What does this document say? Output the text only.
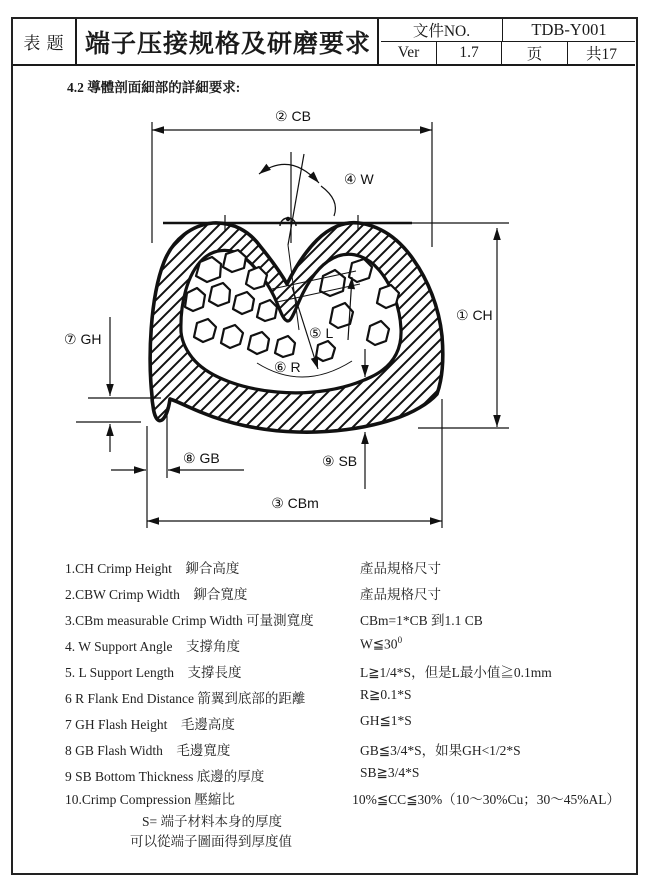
表 题 端子压接规格及研磨要求	文件NO.	TDB-Y001
Ver	1.7	页	共17
4.2 導體剖面細部的詳細要求:
② CB
④ W
① CH
⑦ GH
⑧ GB	⑨ SB
③ CBm
⑤ L
⑥ R
1.CH Crimp Height　鉚合高度	產品規格尺寸
2.CBW Crimp Width　鉚合寬度	產品規格尺寸
3.CBm measurable Crimp Width 可量測寬度	CBm=1*CB 到1.1 CB
4. W Support Angle　支撐角度	$W≦30^0$
5. L Support Length　支撐長度	L≧1/4*S，但是L最小值≧0.1mm
6 R Flank End Distance 箭翼到底部的距離	R≧0.1*S
7 GH Flash Height　毛邊高度	GH≦1*S
8 GB Flash Width　毛邊寬度	GB≦3/4*S，如果GH<1/2*S
9 SB Bottom Thickness 底邊的厚度	SB≧3/4*S
10.Crimp Compression 壓縮比	10%≦CC≦30%（10～30%Cu；30～45%AL）
S= 端子材料本身的厚度
可以從端子圖面得到厚度值
